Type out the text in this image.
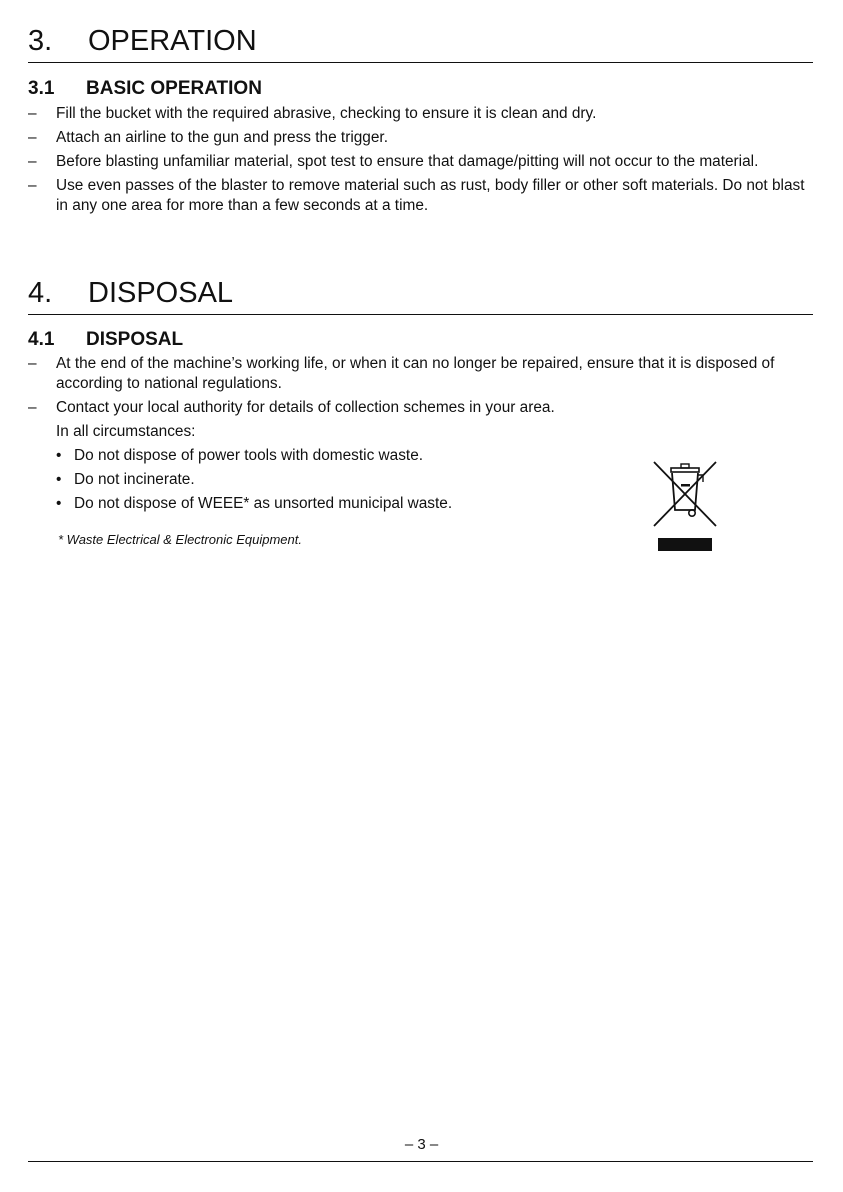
3. OPERATION
3.1 BASIC OPERATION
–	Fill the bucket with the required abrasive, checking to ensure it is clean and dry.
–	Attach an airline to the gun and press the trigger.
–	Before blasting unfamiliar material, spot test to ensure that damage/pitting will not occur to the material.
–	Use even passes of the blaster to remove material such as rust, body filler or other soft materials. Do not blast in any one area for more than a few seconds at a time.
4. DISPOSAL
4.1 DISPOSAL
–	At the end of the machine’s working life, or when it can no longer be repaired, ensure that it is disposed of according to national regulations.
–	Contact your local authority for details of collection schemes in your area.
In all circumstances:
• Do not dispose of power tools with domestic waste.
• Do not incinerate.
• Do not dispose of WEEE* as unsorted municipal waste.
* Waste Electrical & Electronic Equipment.
– 3 –
